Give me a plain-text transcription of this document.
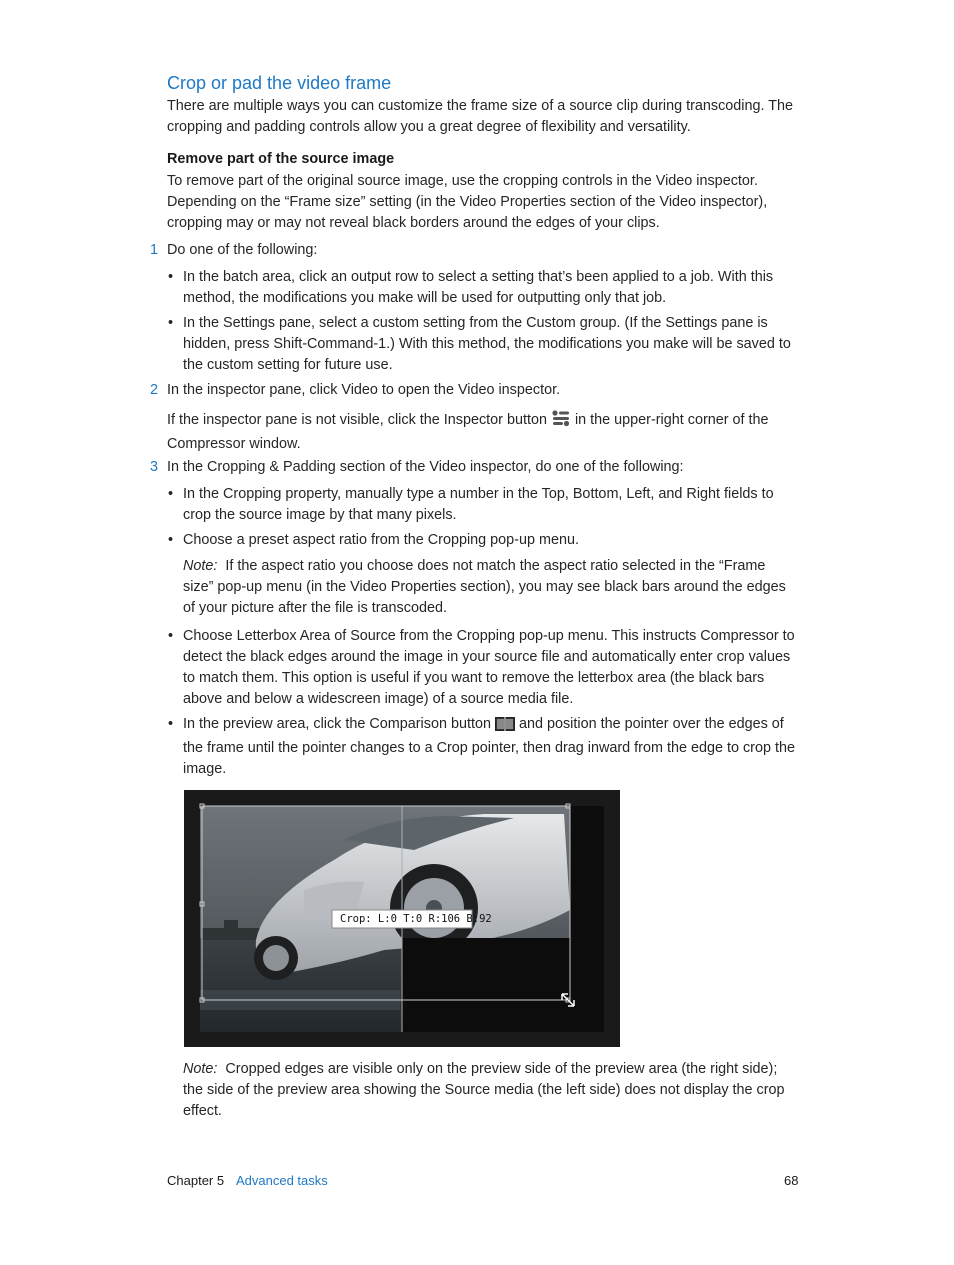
Crop or pad the video frame

There are multiple ways you can customize the frame size of a source clip during transcoding. The cropping and padding controls allow you a great degree of flexibility and versatility.

Remove part of the source image

To remove part of the original source image, use the cropping controls in the Video inspector. Depending on the “Frame size” setting (in the Video Properties section of the Video inspector), cropping may or may not reveal black borders around the edges of your clips.

1 Do one of the following:
• In the batch area, click an output row to select a setting that’s been applied to a job. With this method, the modifications you make will be used for outputting only that job.

• In the Settings pane, select a custom setting from the Custom group. (If the Settings pane is hidden, press Shift-Command-1.) With this method, the modifications you make will be saved to the custom setting for future use.

2 In the inspector pane, click Video to open the Video inspector.

If the inspector pane is not visible, click the Inspector button in the upper-right corner of the Compressor window.

3 In the Cropping & Padding section of the Video inspector, do one of the following:
• In the Cropping property, manually type a number in the Top, Bottom, Left, and Right fields to crop the source image by that many pixels.

• Choose a preset aspect ratio from the Cropping pop-up menu.

Note: If the aspect ratio you choose does not match the aspect ratio selected in the “Frame size” pop-up menu (in the Video Properties section), you may see black bars around the edges of your picture after the file is transcoded.

• Choose Letterbox Area of Source from the Cropping pop-up menu. This instructs Compressor to detect the black edges around the image in your source file and automatically enter crop values to match them. This option is useful if you want to remove the letterbox area (the black bars above and below a widescreen image) of a source media file.

• In the preview area, click the Comparison button and position the pointer over the edges of the frame until the pointer changes to a Crop pointer, then drag inward from the edge to crop the image.

Crop: L:0 T:0 R:106 B:92

Note: Cropped edges are visible only on the preview side of the preview area (the right side); the side of the preview area showing the Source media (the left side) does not display the crop effect.

Chapter 5 Advanced tasks	68
